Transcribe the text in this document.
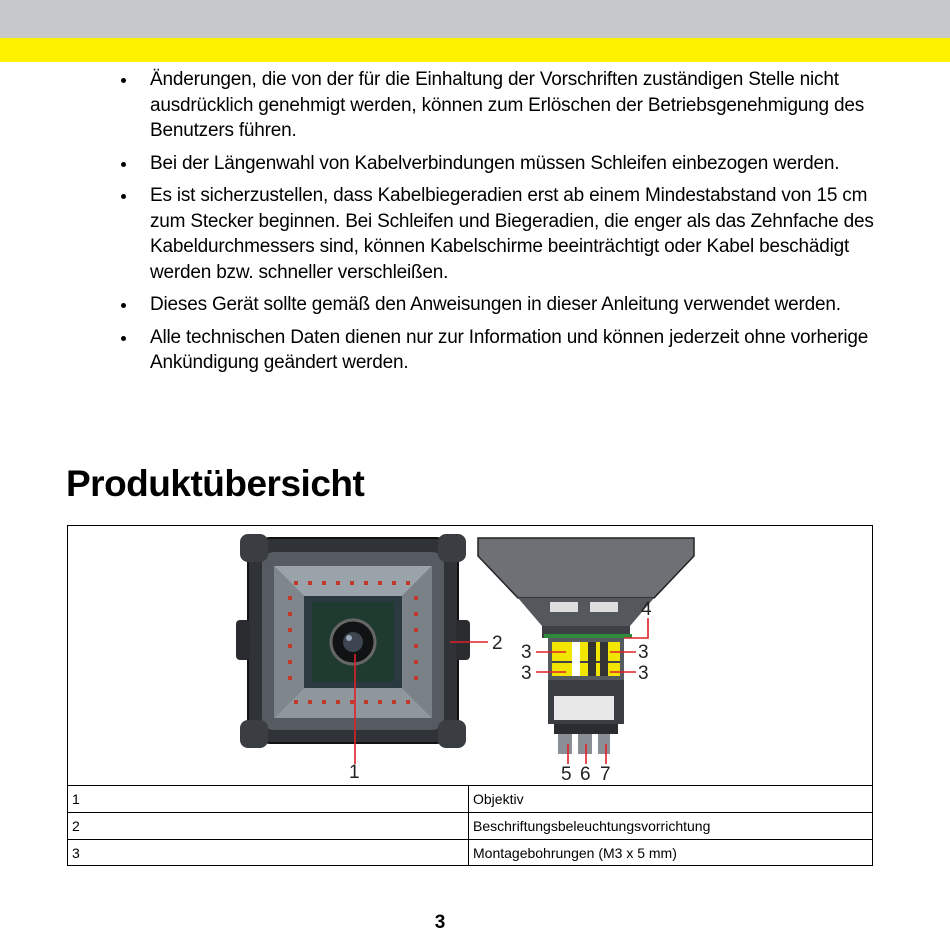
Änderungen, die von der für die Einhaltung der Vorschriften zuständigen Stelle nicht ausdrücklich genehmigt werden, können zum Erlöschen der Betriebsgenehmigung des Benutzers führen.
Bei der Längenwahl von Kabelverbindungen müssen Schleifen einbezogen werden.
Es ist sicherzustellen, dass Kabelbiegeradien erst ab einem Mindestabstand von 15 cm zum Stecker beginnen. Bei Schleifen und Biegeradien, die enger als das Zehnfache des Kabeldurchmessers sind, können Kabelschirme beeinträchtigt oder Kabel beschädigt werden bzw. schneller verschleißen.
Dieses Gerät sollte gemäß den Anweisungen in dieser Anleitung verwendet werden.
Alle technischen Daten dienen nur zur Information und können jederzeit ohne vorherige Ankündigung geändert werden.
Produktübersicht
1
2 3
3
3
3
4
5 6 7
1	Objektiv
2	Beschriftungsbeleuchtungsvorrichtung
3	Montagebohrungen (M3 x 5 mm)
3
